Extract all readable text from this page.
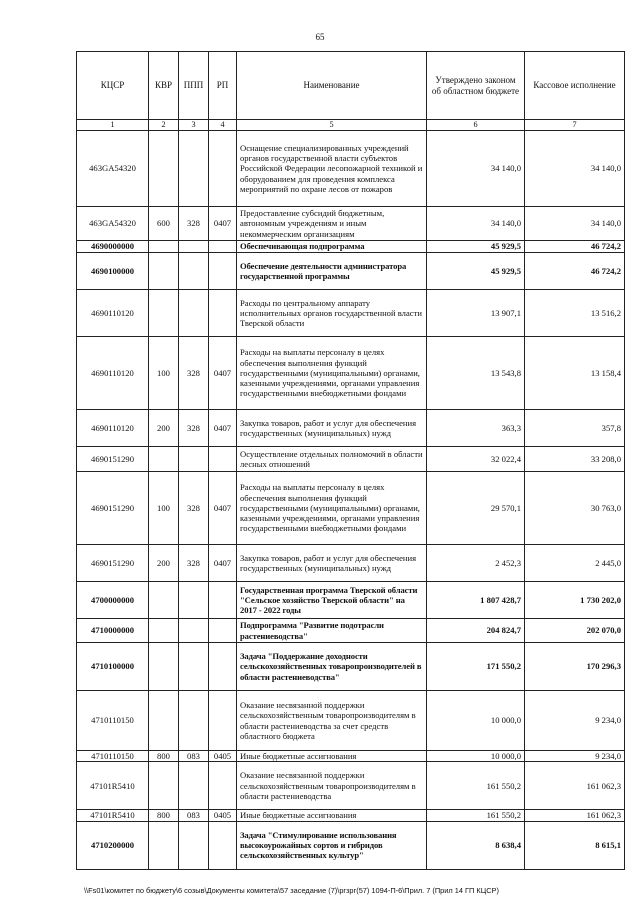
65
КЦСР	КВР	ППП	РП	Наименование	Утверждено законом об областном бюджете	Кассовое исполнение
1	2	3	4	5	6	7
463GA54320				Оснащение специализированных учреждений органов государственной власти субъектов Российской Федерации лесопожарной техникой и оборудованием для проведения комплекса мероприятий по охране лесов от пожаров	34 140,0	34 140,0
463GA54320	600	328	0407	Предоставление субсидий бюджетным, автономным учреждениям и иным некоммерческим организациям	34 140,0	34 140,0
4690000000				Обеспечивающая подпрограмма	45 929,5	46 724,2
4690100000				Обеспечение деятельности администратора государственной программы	45 929,5	46 724,2
4690110120				Расходы по центральному аппарату исполнительных органов государственной власти Тверской области	13 907,1	13 516,2
4690110120	100	328	0407	Расходы на выплаты персоналу в целях обеспечения выполнения функций государственными (муниципальными) органами, казенными учреждениями, органами управления государственными внебюджетными фондами	13 543,8	13 158,4
4690110120	200	328	0407	Закупка товаров, работ и услуг для обеспечения государственных (муниципальных) нужд	363,3	357,8
4690151290				Осуществление отдельных полномочий в области лесных отношений	32 022,4	33 208,0
4690151290	100	328	0407	Расходы на выплаты персоналу в целях обеспечения выполнения функций государственными (муниципальными) органами, казенными учреждениями, органами управления государственными внебюджетными фондами	29 570,1	30 763,0
4690151290	200	328	0407	Закупка товаров, работ и услуг для обеспечения государственных (муниципальных) нужд	2 452,3	2 445,0
4700000000				Государственная программа Тверской области "Сельское хозяйство Тверской области" на 2017 - 2022 годы	1 807 428,7	1 730 202,0
4710000000				Подпрограмма "Развитие подотрасли растениеводства"	204 824,7	202 070,0
4710100000				Задача "Поддержание доходности сельскохозяйственных товаропроизводителей в области растениеводства"	171 550,2	170 296,3
4710110150				Оказание несвязанной поддержки сельскохозяйственным товаропроизводителям в области растениеводства за счет средств областного бюджета	10 000,0	9 234,0
4710110150	800	083	0405	Иные бюджетные ассигнования	10 000,0	9 234,0
47101R5410				Оказание несвязанной поддержки сельскохозяйственным товаропроизводителям в области растениеводства	161 550,2	161 062,3
47101R5410	800	083	0405	Иные бюджетные ассигнования	161 550,2	161 062,3
4710200000				Задача "Стимулирование использования высокоурожайных сортов и гибридов сельскохозяйственных культур"	8 638,4	8 615,1
\\Fs01\комитет по бюджету\6 созыв\Документы комитета\57 заседание (7)\ргзрг(57) 1094-П-6\Прил. 7 (Прил 14 ГП КЦСР)
